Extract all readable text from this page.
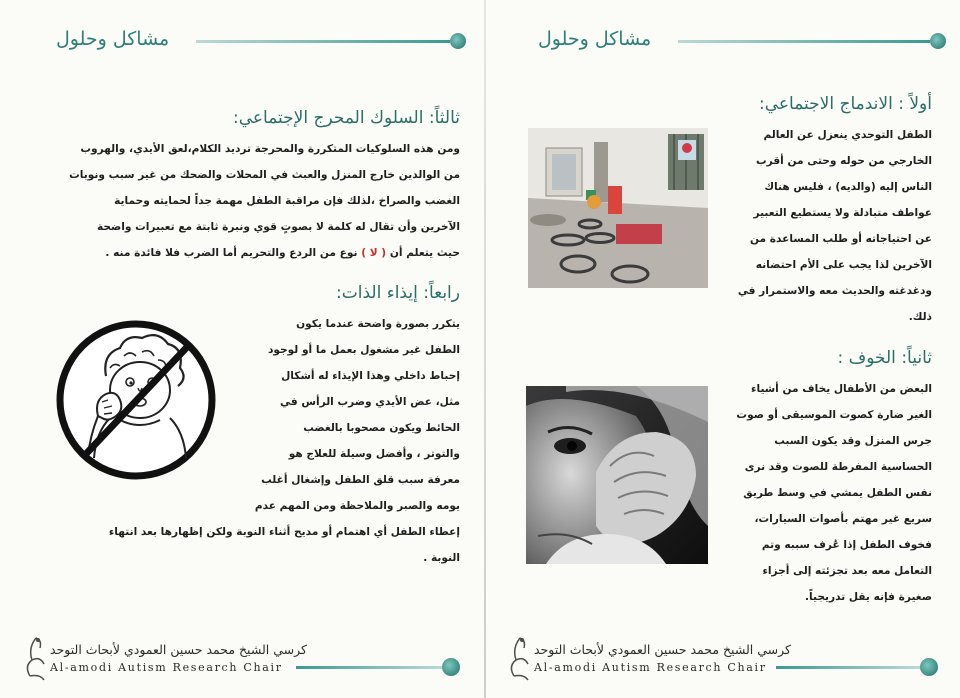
مشاكل وحلول
ثالثاً: السلوك المحرج الإجتماعي:
ومن هذه السلوكيات المتكررة والمحرجة ترديد الكلام،لعق الأيدي، والهروب
من الوالدين خارج المنزل والعبث في المحلات والضحك من غير سبب ونوبات
الغضب والصراخ ،لذلك فإن مراقبة الطفل مهمة جداً لحمايته وحماية
الآخرين وأن تقال له كلمة لا بصوتٍ قوي ونبرة ثابتة مع تعبيرات واضحة
حيث يتعلم أن ( لا ) نوع من الردع والتحريم أما الضرب فلا فائدة منه .
رابعاً: إيذاء الذات:
يتكرر بصورة واضحة عندما يكون
الطفل غير مشغول بعمل ما أو لوجود
إحباط داخلي وهذا الإيذاء له أشكال
مثل، عض الأيدي وضرب الرأس في
الحائط ويكون مصحوبا بالغضب
والتوتر ، وأفضل وسيلة للعلاج هو
معرفة سبب قلق الطفل وإشغال أغلب
يومه والصبر والملاحظة ومن المهم عدم
إعطاء الطفل أي اهتمام أو مديح أثناء النوبة ولكن إظهارها بعد انتهاء
النوبة .
كرسي الشيخ محمد حسين العمودي لأبحاث التوحد
Al-amodi Autism Research Chair
مشاكل وحلول
أولاً : الاندماج الاجتماعي:
الطفل التوحدي ينعزل عن العالم
الخارجي من حوله وحتى من أقرب
الناس إليه (والديه) ، فليس هناك
عواطف متبادلة ولا يستطيع التعبير
عن احتياجاته أو طلب المساعدة من
الآخرين لذا يجب على الأم احتضانه
ودغدغته والحديث معه والاستمرار في
ذلك.
ثانياً: الخوف :
البعض من الأطفال يخاف من أشياء
الغير ضارة كصوت الموسيقى أو صوت
جرس المنزل وقد يكون السبب
الحساسية المفرطة للصوت وقد نرى
نفس الطفل يمشي في وسط طريق
سريع غير مهتم بأصوات السيارات،
فخوف الطفل إذا عُرف سببه وتم
التعامل معه بعد تجزئته إلى أجزاء
صغيرة فإنه يقل تدريجياً.
كرسي الشيخ محمد حسين العمودي لأبحاث التوحد
Al-amodi Autism Research Chair
